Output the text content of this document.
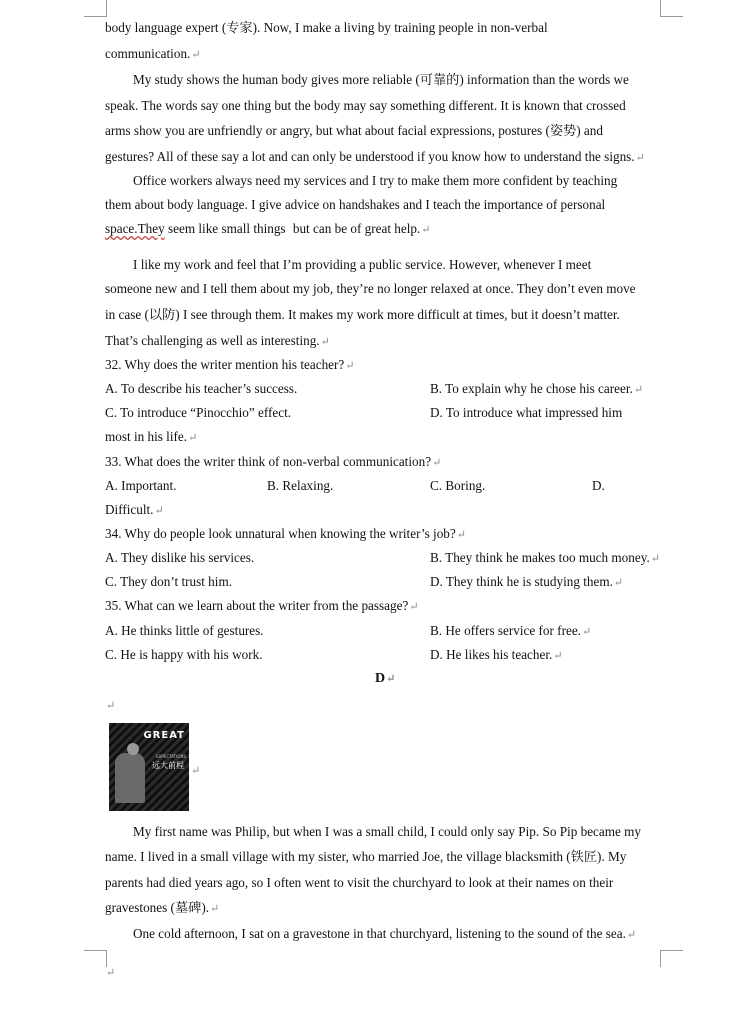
body language expert (专家). Now, I make a living by training people in non-verbal
communication.↵
My study shows the human body gives more reliable (可靠的) information than the words we
speak. The words say one thing but the body may say something different. It is known that crossed
arms show you are unfriendly or angry, but what about facial expressions, postures (姿势) and
gestures? All of these say a lot and can only be understood if you know how to understand the signs.↵
Office workers always need my services and I try to make them more confident by teaching
them about body language. I give advice on handshakes and I teach the importance of personal
space.They seem like small things but can be of great help.↵
I like my work and feel that I’m providing a public service. However, whenever I meet
someone new and I tell them about my job, they’re no longer relaxed at once. They don’t even move
in case (以防) I see through them. It makes my work more difficult at times, but it doesn’t matter.
That’s challenging as well as interesting.↵
32. Why does the writer mention his teacher?↵
A. To describe his teacher’s success.	B. To explain why he chose his career.↵
C. To introduce “Pinocchio” effect.	D. To introduce what impressed him
most in his life.↵
33. What does the writer think of non-verbal communication?↵
A. Important.	B. Relaxing.	C. Boring.	D.
Difficult.↵
34. Why do people look unnatural when knowing the writer’s job?↵
A. They dislike his services.	B. They think he makes too much money.↵
C. They don’t trust him.	D. They think he is studying them.↵
35. What can we learn about the writer from the passage?↵
A. He thinks little of gestures.	B. He offers service for free.↵
C. He is happy with his work.	D. He likes his teacher.↵
D↵
↵
GREAT
EXPECTATIONS
远大前程 ↵
My first name was Philip, but when I was a small child, I could only say Pip. So Pip became my
name. I lived in a small village with my sister, who married Joe, the village blacksmith (铁匠). My
parents had died years ago, so I often went to visit the churchyard to look at their names on their
gravestones (墓碑).↵
One cold afternoon, I sat on a gravestone in that churchyard, listening to the sound of the sea.↵
↵
